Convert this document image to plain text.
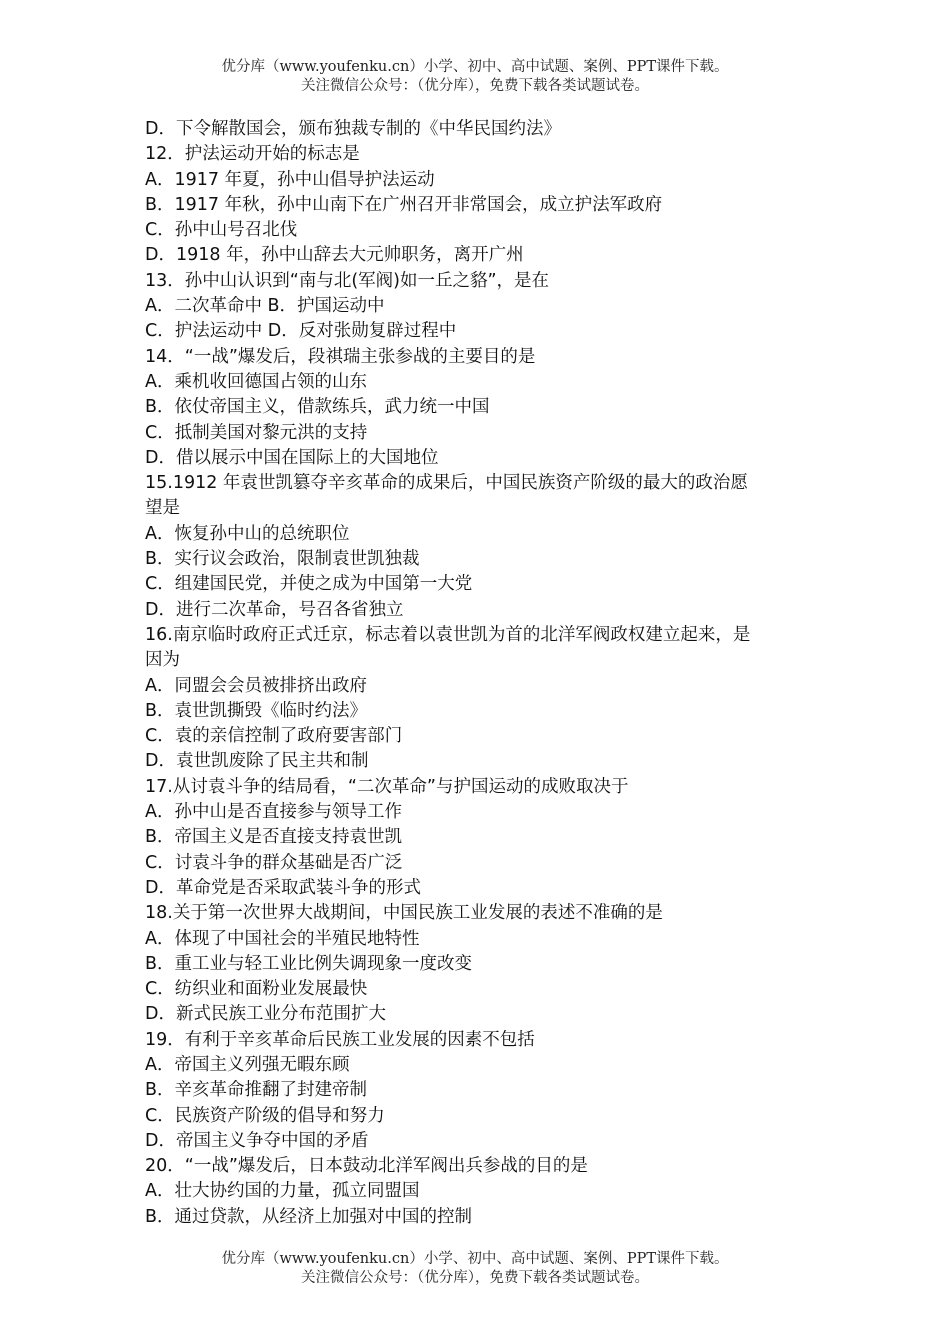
优分库（www.youfenku.cn）小学、初中、高中试题、案例、PPT课件下载。
关注微信公众号：（优分库），免费下载各类试题试卷。
D．下令解散国会，颁布独裁专制的《中华民国约法》
12．护法运动开始的标志是
A．1917 年夏，孙中山倡导护法运动
B．1917 年秋，孙中山南下在广州召开非常国会，成立护法军政府
C．孙中山号召北伐
D．1918 年，孙中山辞去大元帅职务，离开广州
13．孙中山认识到“南与北(军阀)如一丘之貉”，是在
A．二次革命中 B．护国运动中
C．护法运动中 D．反对张勋复辟过程中
14．“一战”爆发后，段祺瑞主张参战的主要目的是
A．乘机收回德国占领的山东
B．依仗帝国主义，借款练兵，武力统一中国
C．抵制美国对黎元洪的支持
D．借以展示中国在国际上的大国地位
15.1912 年袁世凯篡夺辛亥革命的成果后，中国民族资产阶级的最大的政治愿
望是
A．恢复孙中山的总统职位
B．实行议会政治，限制袁世凯独裁
C．组建国民党，并使之成为中国第一大党
D．进行二次革命，号召各省独立
16.南京临时政府正式迁京，标志着以袁世凯为首的北洋军阀政权建立起来，是
因为
A．同盟会会员被排挤出政府
B．袁世凯撕毁《临时约法》
C．袁的亲信控制了政府要害部门
D．袁世凯废除了民主共和制
17.从讨袁斗争的结局看，“二次革命”与护国运动的成败取决于
A．孙中山是否直接参与领导工作
B．帝国主义是否直接支持袁世凯
C．讨袁斗争的群众基础是否广泛
D．革命党是否采取武装斗争的形式
18.关于第一次世界大战期间，中国民族工业发展的表述不准确的是
A．体现了中国社会的半殖民地特性
B．重工业与轻工业比例失调现象一度改变
C．纺织业和面粉业发展最快
D．新式民族工业分布范围扩大
19．有利于辛亥革命后民族工业发展的因素不包括
A．帝国主义列强无暇东顾
B．辛亥革命推翻了封建帝制
C．民族资产阶级的倡导和努力
D．帝国主义争夺中国的矛盾
20．“一战”爆发后，日本鼓动北洋军阀出兵参战的目的是
A．壮大协约国的力量，孤立同盟国
B．通过贷款，从经济上加强对中国的控制
优分库（www.youfenku.cn）小学、初中、高中试题、案例、PPT课件下载。
关注微信公众号：（优分库），免费下载各类试题试卷。
